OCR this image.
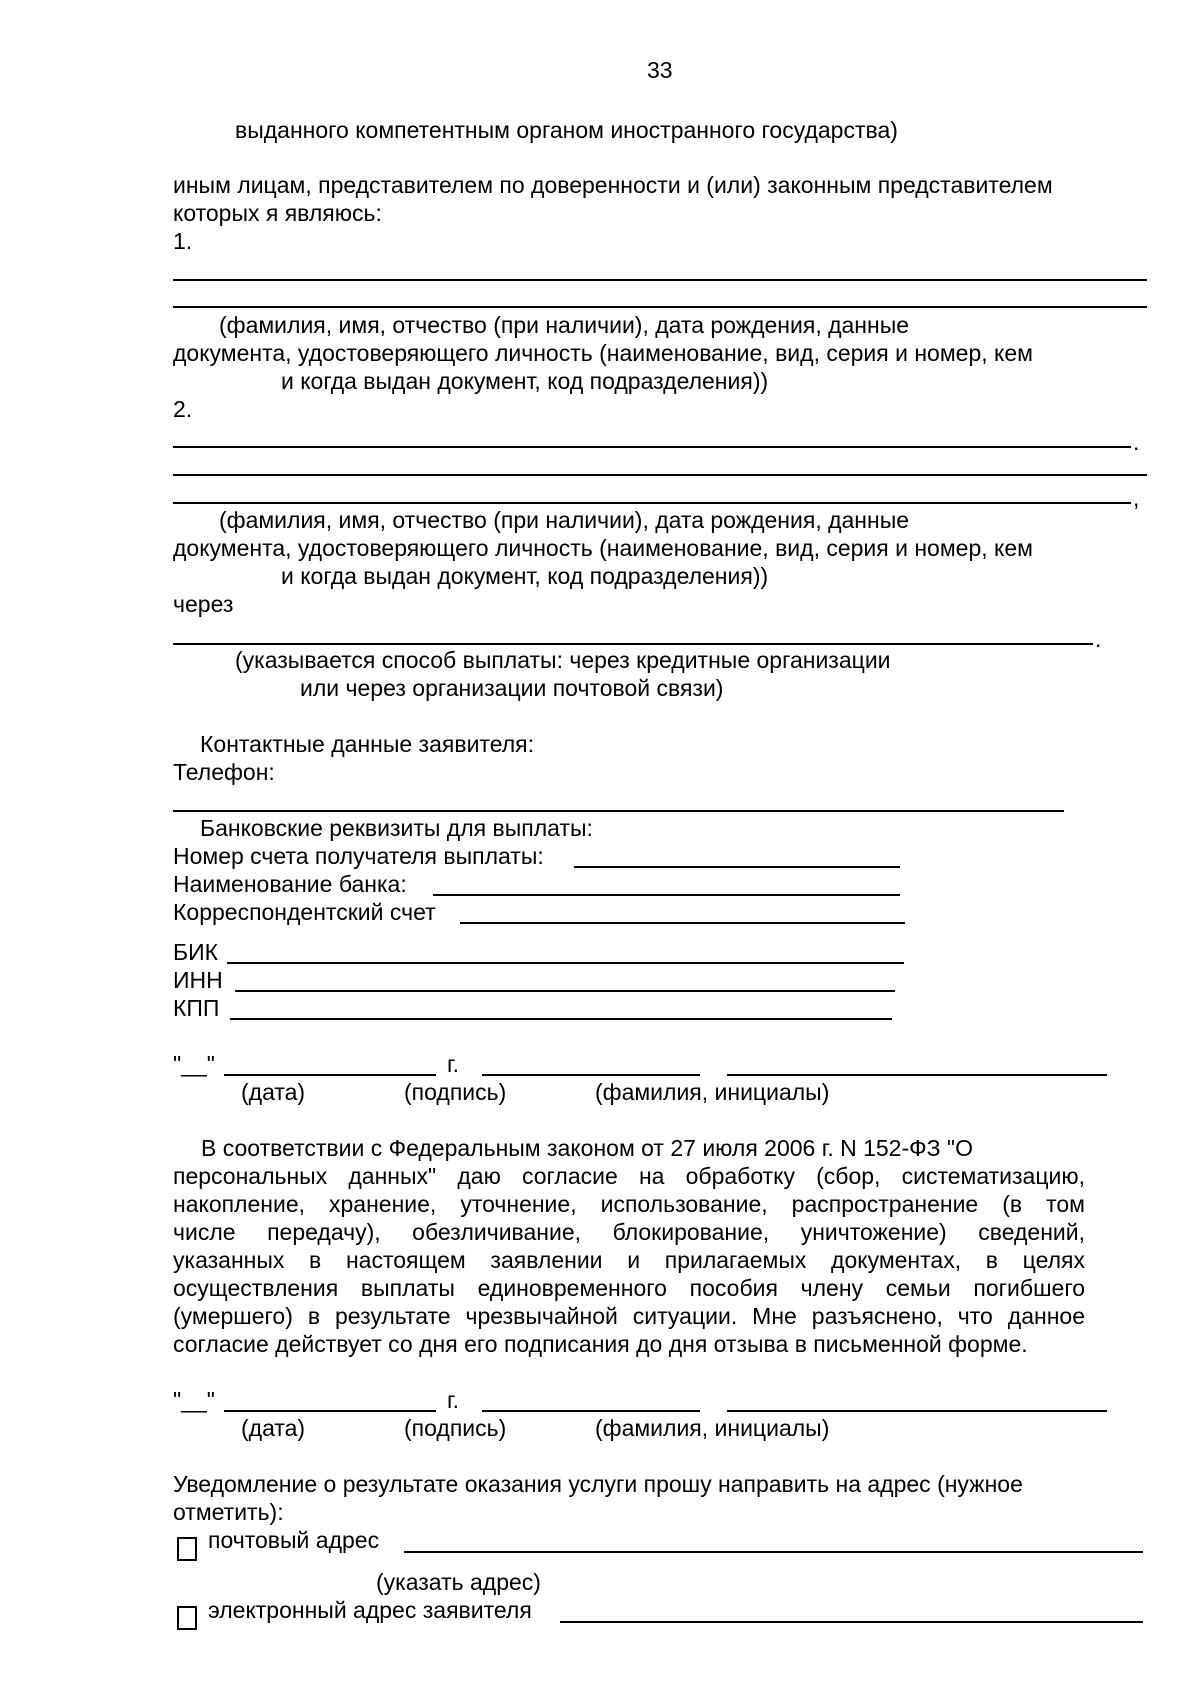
33
выданного компетентным органом иностранного государства)
иным лицам, представителем по доверенности и (или) законным представителем
которых я являюсь:
1.
(фамилия, имя, отчество (при наличии), дата рождения, данные
документа, удостоверяющего личность (наименование, вид, серия и номер, кем
и когда выдан документ, код подразделения))
2.
.
,
(фамилия, имя, отчество (при наличии), дата рождения, данные
документа, удостоверяющего личность (наименование, вид, серия и номер, кем
и когда выдан документ, код подразделения))
через
.
(указывается способ выплаты: через кредитные организации
или через организации почтовой связи)
Контактные данные заявителя:
Телефон:
Банковские реквизиты для выплаты:
Номер счета получателя выплаты:
Наименование банка:
Корреспондентский счет
БИК
ИНН
КПП
"__"	г.
(дата)	(подпись)	(фамилия, инициалы)
В соответствии с Федеральным законом от 27 июля 2006 г. N 152-ФЗ "О
персональных данных" даю согласие на обработку (сбор, систематизацию,
накопление, хранение, уточнение, использование, распространение (в том
числе передачу), обезличивание, блокирование, уничтожение) сведений,
указанных в настоящем заявлении и прилагаемых документах, в целях
осуществления выплаты единовременного пособия члену семьи погибшего
(умершего) в результате чрезвычайной ситуации. Мне разъяснено, что данное
согласие действует со дня его подписания до дня отзыва в письменной форме.
"__"	г.
(дата)	(подпись)	(фамилия, инициалы)
Уведомление о результате оказания услуги прошу направить на адрес (нужное
отметить):
почтовый адрес
(указать адрес)
электронный адрес заявителя
